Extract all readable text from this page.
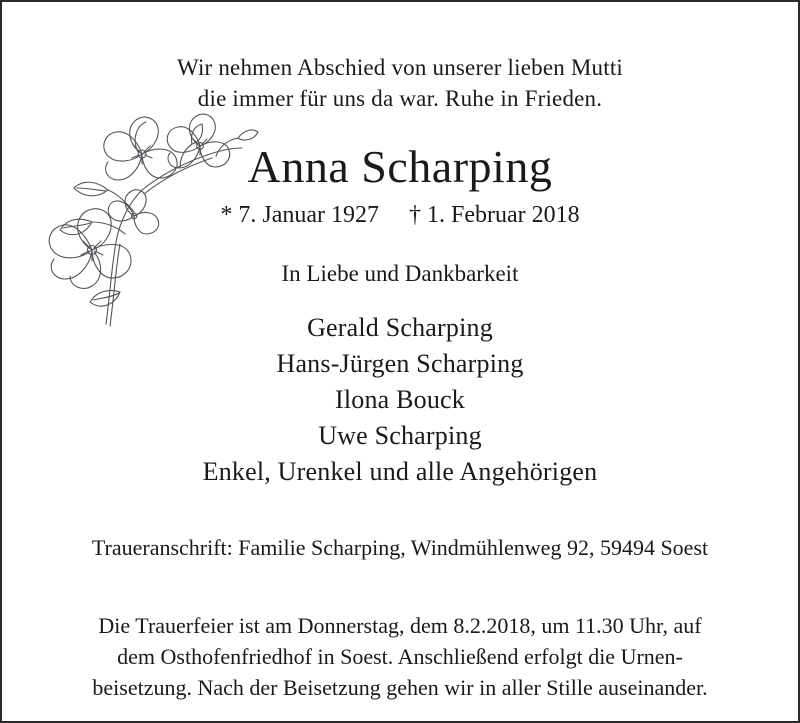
Wir nehmen Abschied von unserer lieben Mutti
die immer für uns da war. Ruhe in Frieden.
Anna Scharping
* 7. Januar 1927 † 1. Februar 2018
In Liebe und Dankbarkeit
Gerald Scharping
Hans-Jürgen Scharping
Ilona Bouck
Uwe Scharping
Enkel, Urenkel und alle Angehörigen
Traueranschrift: Familie Scharping, Windmühlenweg 92, 59494 Soest
Die Trauerfeier ist am Donnerstag, dem 8.2.2018, um 11.30 Uhr, auf
dem Osthofenfriedhof in Soest. Anschließend erfolgt die Urnen-
beisetzung. Nach der Beisetzung gehen wir in aller Stille auseinander.
